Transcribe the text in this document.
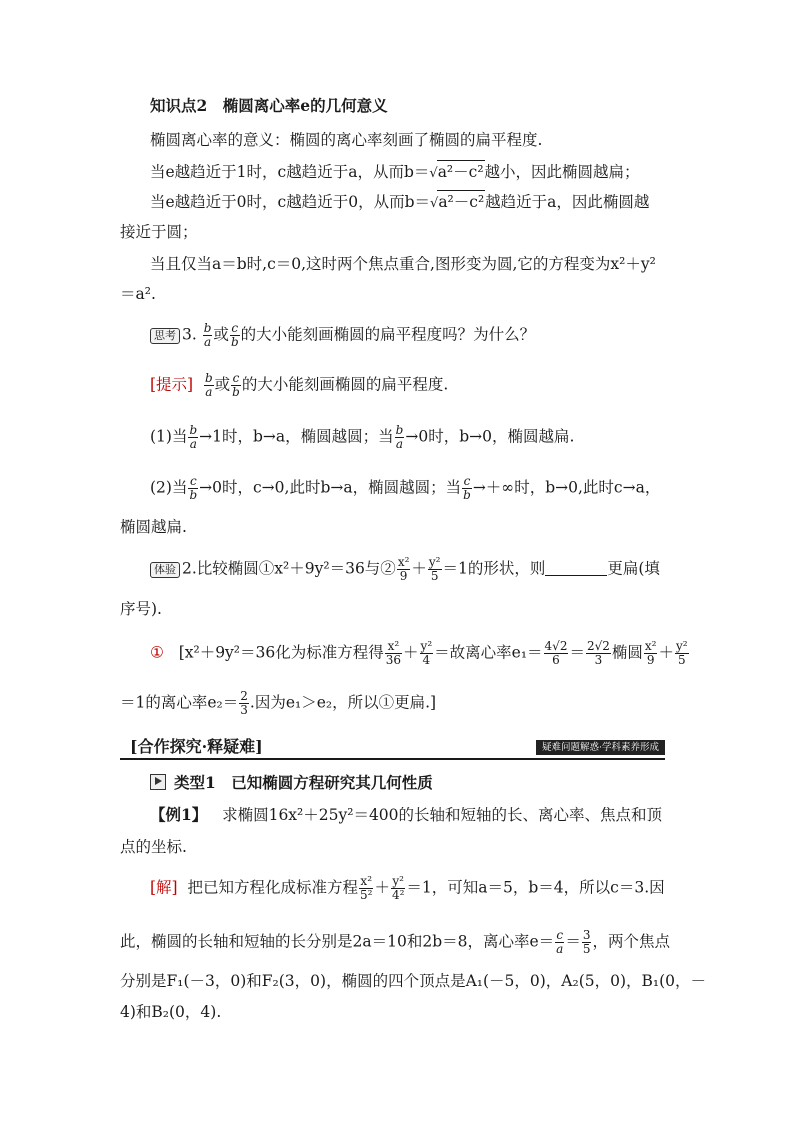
知识点2　椭圆离心率e的几何意义
椭圆离心率的意义：椭圆的离心率刻画了椭圆的扁平程度.
当e越趋近于1时，c越趋近于a，从而b＝√a²－c²越小，因此椭圆越扁；
当e越趋近于0时，c越趋近于0，从而b＝√a²－c²越趋近于a，因此椭圆越
接近于圆；
当且仅当a＝b时,c＝0,这时两个焦点重合,图形变为圆,它的方程变为x²＋y²
＝a².
思考 3. $\frac{b}{a}$ 或 $\frac{c}{b}$ 的大小能刻画椭圆的扁平程度吗？为什么？
[提示] $\frac{b}{a}$ 或 $\frac{c}{b}$ 的大小能刻画椭圆的扁平程度.
(1)当 $\frac{b}{a} \to 1$时，b→a，椭圆越圆；当 $\frac{b}{a} \to 0$时，b→0，椭圆越扁.
(2)当 $\frac{c}{b} \to 0$时，c→0,此时b→a，椭圆越圆；当 $\frac{c}{b}$ →＋∞时，b→0,此时c→a，
椭圆越扁.
体验 2.比较椭圆①x²＋9y²＝36与② $\frac{\text{x²}}{9} + \frac{\text{y²}}{5} =1$的形状，则	更扁(填
序号).
① [x²＋9y²＝36化为标准方程得 $\frac{\text{x²}}{36} + \frac{\text{y²}}{4}$ ＝故离心率$e_1= \frac{4√2}{6} = \frac{2√2}{3}$ 椭圆 $\frac{\text{x²}}{9} + \frac{\text{y²}}{5}$
＝1的离心率$e_2= \frac{2}{3}$ .因为e₁＞e₂，所以①更扁.]
[合作探究·释疑难]	疑难问题解惑·学科素养形成
类型1　已知椭圆方程研究其几何性质
【例1】 求椭圆16x²＋25y²＝400的长轴和短轴的长、离心率、焦点和顶
点的坐标.
[解] 把已知方程化成标准方程 $\frac{\text{x²}}{\text{5²}} + \frac{\text{y²}}{\text{4²}} =1$，可知a＝5，b＝4，所以c＝3.因
此，椭圆的长轴和短轴的长分别是2a＝10和2b＝8，离心率$e= \frac{c}{a} = \frac{3}{5}$ ，两个焦点
分别是F₁(－3，0)和F₂(3，0)，椭圆的四个顶点是A₁(－5，0)，A₂(5，0)，B₁(0，－
4)和B₂(0，4).
